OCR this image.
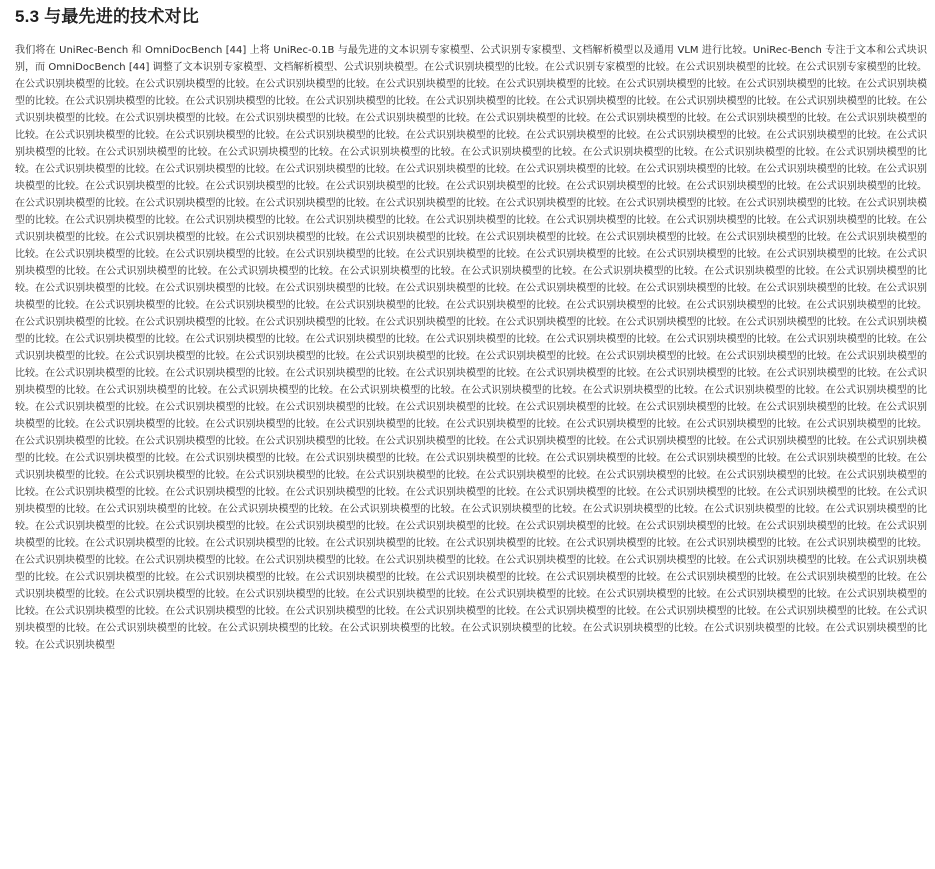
5.3 与最先进的技术对比

我们将在 UniRec-Bench 和 OmniDocBench [44] 上将 UniRec-0.1B 与最先进的文本识别专家模型、公式识别专家模型、文档解析模型以及通用 VLM 进行比较。UniRec-Bench 专注于文本和公式块识别，而 OmniDocBench [44] 调整了文本识别专家模型、文档解析模型、公式识别块模型。在公式识别块模型的比较。在公式识别专家模型的比较。在公式识别块模型的比较。在公式识别专家模型的比较。在公式识别块模型的比较。在公式识别块模型的比较。在公式识别块模型的比较。在公式识别块模型的比较。在公式识别块模型的比较。在公式识别块模型的比较。在公式识别块模型的比较。在公式识别块模型的比较。在公式识别块模型的比较。在公式识别块模型的比较。在公式识别块模型的比较。在公式识别块模型的比较。在公式识别块模型的比较。在公式识别块模型的比较。在公式识别块模型的比较。在公式识别块模型的比较。在公式识别块模型的比较。在公式识别块模型的比较。在公式识别块模型的比较。在公式识别块模型的比较。在公式识别块模型的比较。在公式识别块模型的比较。在公式识别块模型的比较。在公式识别块模型的比较。在公式识别块模型的比较。在公式识别块模型的比较。在公式识别块模型的比较。在公式识别块模型的比较。在公式识别块模型的比较。在公式识别块模型的比较。在公式识别块模型的比较。在公式识别块模型的比较。在公式识别块模型的比较。在公式识别块模型的比较。在公式识别块模型的比较。在公式识别块模型的比较。在公式识别块模型的比较。在公式识别块模型的比较。在公式识别块模型的比较。在公式识别块模型的比较。在公式识别块模型的比较。在公式识别块模型的比较。在公式识别块模型的比较。在公式识别块模型的比较。在公式识别块模型的比较。在公式识别块模型的比较。在公式识别块模型的比较。在公式识别块模型的比较。在公式识别块模型的比较。在公式识别块模型的比较。在公式识别块模型的比较。在公式识别块模型的比较。在公式识别块模型的比较。在公式识别块模型的比较。在公式识别块模型的比较。在公式识别块模型的比较。在公式识别块模型的比较。在公式识别块模型的比较。在公式识别块模型的比较。在公式识别块模型的比较。在公式识别块模型的比较。在公式识别块模型的比较。在公式识别块模型的比较。在公式识别块模型的比较。在公式识别块模型的比较。在公式识别块模型的比较。在公式识别块模型的比较。在公式识别块模型的比较。在公式识别块模型的比较。在公式识别块模型的比较。在公式识别块模型的比较。在公式识别块模型的比较。在公式识别块模型的比较。在公式识别块模型的比较。在公式识别块模型的比较。在公式识别块模型的比较。在公式识别块模型的比较。在公式识别块模型的比较。在公式识别块模型的比较。在公式识别块模型的比较。在公式识别块模型的比较。在公式识别块模型的比较。在公式识别块模型的比较。在公式识别块模型的比较。在公式识别块模型的比较。在公式识别块模型的比较。在公式识别块模型的比较。在公式识别块模型的比较。在公式识别块模型的比较。在公式识别块模型的比较。在公式识别块模型的比较。在公式识别块模型的比较。在公式识别块模型的比较。在公式识别块模型的比较。在公式识别块模型的比较。在公式识别块模型的比较。在公式识别块模型的比较。在公式识别块模型的比较。在公式识别块模型的比较。在公式识别块模型的比较。在公式识别块模型的比较。在公式识别块模型的比较。在公式识别块模型的比较。在公式识别块模型的比较。在公式识别块模型的比较。在公式识别块模型的比较。在公式识别块模型的比较。在公式识别块模型的比较。在公式识别块模型的比较。在公式识别块模型的比较。在公式识别块模型的比较。在公式识别块模型的比较。在公式识别块模型的比较。在公式识别块模型的比较。在公式识别块模型的比较。在公式识别块模型的比较。在公式识别块模型的比较。在公式识别块模型的比较。在公式识别块模型的比较。在公式识别块模型的比较。在公式识别块模型的比较。在公式识别块模型的比较。在公式识别块模型的比较。在公式识别块模型的比较。在公式识别块模型的比较。在公式识别块模型的比较。在公式识别块模型的比较。在公式识别块模型的比较。在公式识别块模型的比较。在公式识别块模型的比较。在公式识别块模型的比较。在公式识别块模型的比较。在公式识别块模型的比较。在公式识别块模型的比较。在公式识别块模型的比较。在公式识别块模型的比较。在公式识别块模型的比较。在公式识别块模型的比较。在公式识别块模型的比较。在公式识别块模型的比较。在公式识别块模型的比较。在公式识别块模型的比较。在公式识别块模型的比较。在公式识别块模型的比较。在公式识别块模型的比较。在公式识别块模型的比较。在公式识别块模型的比较。在公式识别块模型的比较。在公式识别块模型的比较。在公式识别块模型的比较。在公式识别块模型的比较。在公式识别块模型的比较。在公式识别块模型的比较。在公式识别块模型的比较。在公式识别块模型的比较。在公式识别块模型的比较。在公式识别块模型的比较。在公式识别块模型的比较。在公式识别块模型的比较。在公式识别块模型的比较。在公式识别块模型的比较。在公式识别块模型的比较。在公式识别块模型的比较。在公式识别块模型的比较。在公式识别块模型的比较。在公式识别块模型的比较。在公式识别块模型的比较。在公式识别块模型的比较。在公式识别块模型的比较。在公式识别块模型的比较。在公式识别块模型的比较。在公式识别块模型的比较。在公式识别块模型的比较。在公式识别块模型的比较。在公式识别块模型的比较。在公式识别块模型的比较。在公式识别块模型的比较。在公式识别块模型的比较。在公式识别块模型的比较。在公式识别块模型的比较。在公式识别块模型的比较。在公式识别块模型的比较。在公式识别块模型的比较。在公式识别块模型的比较。在公式识别块模型的比较。在公式识别块模型的比较。在公式识别块模型的比较。在公式识别块模型的比较。在公式识别块模型的比较。在公式识别块模型的比较。在公式识别块模型的比较。在公式识别块模型的比较。在公式识别块模型的比较。在公式识别块模型的比较。在公式识别块模型的比较。在公式识别块模型的比较。在公式识别块模型的比较。在公式识别块模型的比较。在公式识别块模型的比较。在公式识别块模型的比较。在公式识别块模型的比较。在公式识别块模型的比较。在公式识别块模型的比较。在公式识别块模型的比较。在公式识别块模型的比较。在公式识别块模型的比较。在公式识别块模型的比较。在公式识别块模型的比较。在公式识别块模型的比较。在公式识别块模型的比较。在公式识别块模型的比较。在公式识别块模型的比较。在公式识别块模型的比较。在公式识别块模型的比较。在公式识别块模型的比较。在公式识别块模型的比较。在公式识别块模型的比较。在公式识别块模型的比较。在公式识别块模型的比较。在公式识别块模型的比较。在公式识别块模型的比较。在公式识别块模型的比较。在公式识别块模型的比较。在公式识别块模型的比较。在公式识别块模型的比较。在公式识别块模型的比较。在公式识别块模型的比较。在公式识别块模型的比较。在公式识别块模型的比较。在公式识别块模型的比较。在公式识别块模型的比较。在公式识别块模型的比较。在公式识别块模型的比较。在公式识别块模型的比较。在公式识别块模型的比较。在公式识别块模型的比较。在公式识别块模型的比较。在公式识别块模型的比较。在公式识别块模型的比较。在公式识别块模型的比较。在公式识别块模型的比较。在公式识别块模型的比较。在公式识别块模型的比较。在公式识别块模型的比较。在公式识别块模型的比较。在公式识别块模型的比较。在公式识别块模型的比较。在公式识别块模型的比较。在公式识别块模型的比较。在公式识别块模型的比较。在公式识别块模型
